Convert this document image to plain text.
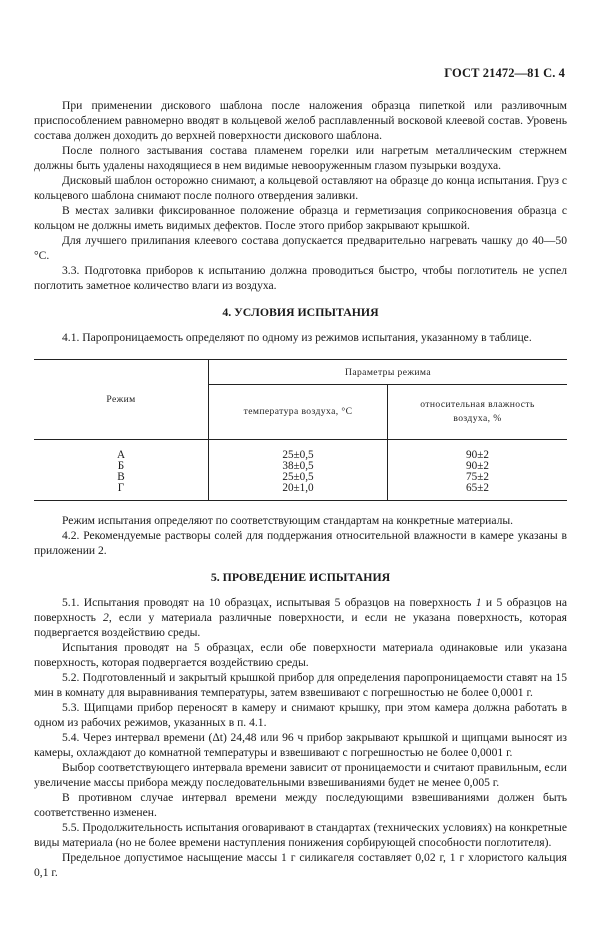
ГОСТ 21472—81 С. 4

При применении дискового шаблона после наложения образца пипеткой или разливочным приспособлением равномерно вводят в кольцевой желоб расплавленный восковой клеевой состав. Уровень состава должен доходить до верхней поверхности дискового шаблона.

После полного застывания состава пламенем горелки или нагретым металлическим стержнем должны быть удалены находящиеся в нем видимые невооруженным глазом пузырьки воздуха.

Дисковый шаблон осторожно снимают, а кольцевой оставляют на образце до конца испытания. Груз с кольцевого шаблона снимают после полного отвердения заливки.

В местах заливки фиксированное положение образца и герметизация соприкосновения образца с кольцом не должны иметь видимых дефектов. После этого прибор закрывают крышкой.

Для лучшего прилипания клеевого состава допускается предварительно нагревать чашку до 40—50 °С.

3.3. Подготовка приборов к испытанию должна проводиться быстро, чтобы поглотитель не успел поглотить заметное количество влаги из воздуха.

4. УСЛОВИЯ ИСПЫТАНИЯ

4.1. Паропроницаемость определяют по одному из режимов испытания, указанному в таблице.

Режим	Параметры режима	
	температура воздуха, °С	относительная влажность воздуха, %
А	25±0,5	90±2
Б	38±0,5	90±2
В	25±0,5	75±2
Г	20±1,0	65±2

Режим испытания определяют по соответствующим стандартам на конкретные материалы.

4.2. Рекомендуемые растворы солей для поддержания относительной влажности в камере указаны в приложении 2.

5. ПРОВЕДЕНИЕ ИСПЫТАНИЯ

5.1. Испытания проводят на 10 образцах, испытывая 5 образцов на поверхность 1 и 5 образцов на поверхность 2, если у материала различные поверхности, и если не указана поверхность, которая подвергается воздействию среды.

Испытания проводят на 5 образцах, если обе поверхности материала одинаковые или указана поверхность, которая подвергается воздействию среды.

5.2. Подготовленный и закрытый крышкой прибор для определения паропроницаемости ставят на 15 мин в комнату для выравнивания температуры, затем взвешивают с погрешностью не более 0,0001 г.

5.3. Щипцами прибор переносят в камеру и снимают крышку, при этом камера должна работать в одном из рабочих режимов, указанных в п. 4.1.

5.4. Через интервал времени (Δt) 24,48 или 96 ч прибор закрывают крышкой и щипцами выносят из камеры, охлаждают до комнатной температуры и взвешивают с погрешностью не более 0,0001 г.

Выбор соответствующего интервала времени зависит от проницаемости и считают правильным, если увеличение массы прибора между последовательными взвешиваниями будет не менее 0,005 г.

В противном случае интервал времени между последующими взвешиваниями должен быть соответственно изменен.

5.5. Продолжительность испытания оговаривают в стандартах (технических условиях) на конкретные виды материала (но не более времени наступления понижения сорбирующей способности поглотителя).

Предельное допустимое насыщение массы 1 г силикагеля составляет 0,02 г, 1 г хлористого кальция 0,1 г.
